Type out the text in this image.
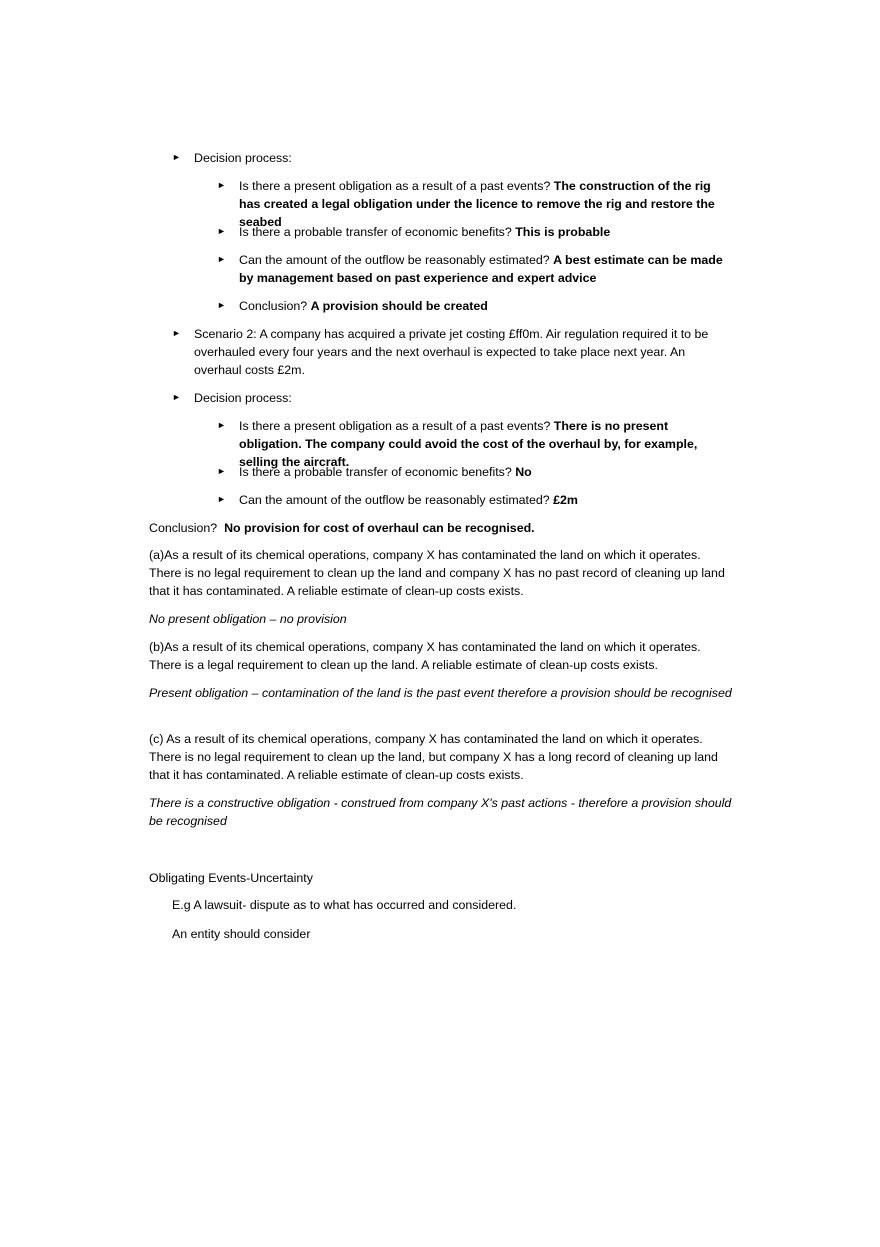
► Decision process:
► Is there a present obligation as a result of a past events? The construction of the rig has created a legal obligation under the licence to remove the rig and restore the seabed
► Is there a probable transfer of economic benefits? This is probable
► Can the amount of the outflow be reasonably estimated? A best estimate can be made by management based on past experience and expert advice
► Conclusion? A provision should be created
► Scenario 2: A company has acquired a private jet costing £ff0m. Air regulation required it to be overhauled every four years and the next overhaul is expected to take place next year. An overhaul costs £2m.
► Decision process:
► Is there a present obligation as a result of a past events? There is no present obligation. The company could avoid the cost of the overhaul by, for example, selling the aircraft.
► Is there a probable transfer of economic benefits? No
► Can the amount of the outflow be reasonably estimated? £2m
Conclusion? No provision for cost of overhaul can be recognised.
(a)As a result of its chemical operations, company X has contaminated the land on which it operates. There is no legal requirement to clean up the land and company X has no past record of cleaning up land that it has contaminated. A reliable estimate of clean-up costs exists.
No present obligation – no provision
(b)As a result of its chemical operations, company X has contaminated the land on which it operates. There is a legal requirement to clean up the land. A reliable estimate of clean-up costs exists.
Present obligation – contamination of the land is the past event therefore a provision should be recognised
(c) As a result of its chemical operations, company X has contaminated the land on which it operates. There is no legal requirement to clean up the land, but company X has a long record of cleaning up land that it has contaminated. A reliable estimate of clean-up costs exists.
There is a constructive obligation - construed from company X's past actions - therefore a provision should be recognised
Obligating Events-Uncertainty
E.g A lawsuit- dispute as to what has occurred and considered.
An entity should consider
